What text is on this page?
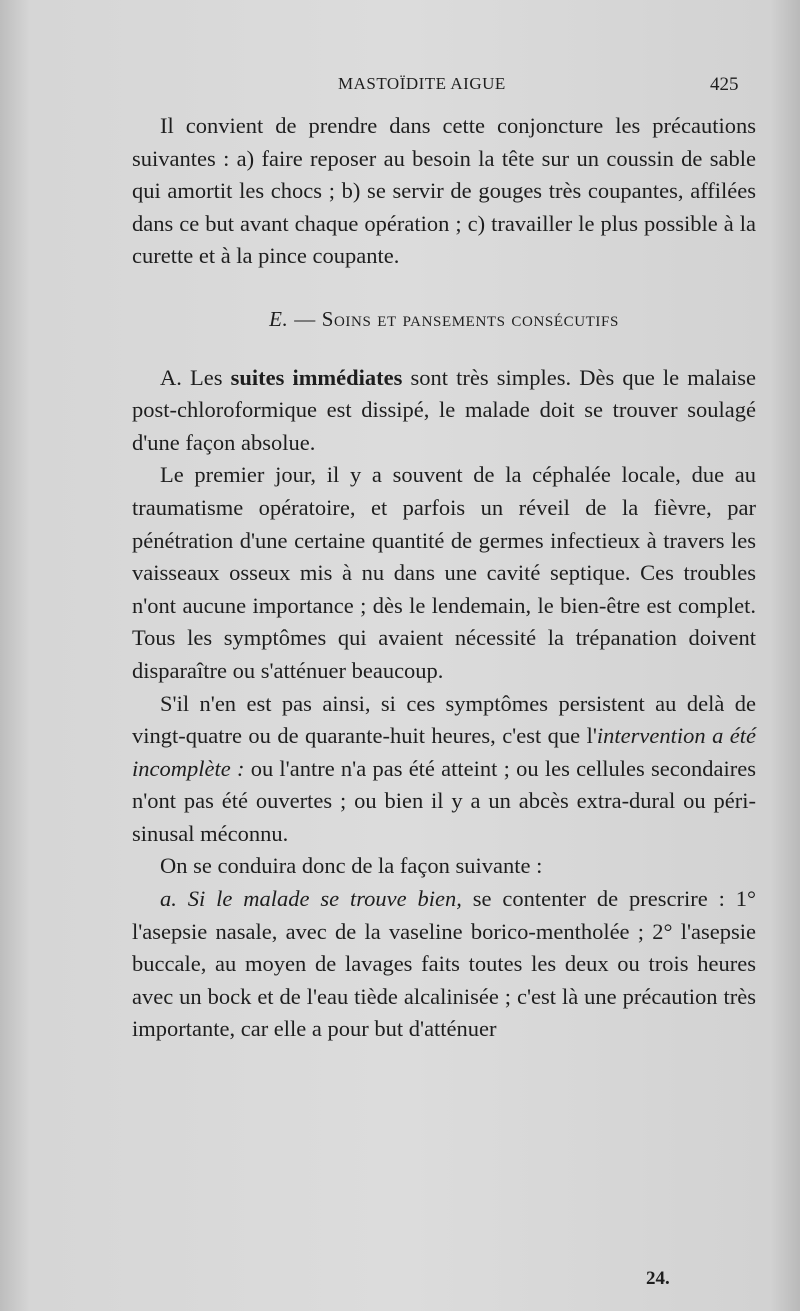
MASTOÏDITE AIGUE	425

Il convient de prendre dans cette conjoncture les précautions suivantes : a) faire reposer au besoin la tête sur un coussin de sable qui amortit les chocs ; b) se servir de gouges très coupantes, affilées dans ce but avant chaque opération ; c) travailler le plus possible à la curette et à la pince coupante.

E. — Soins et pansements consécutifs

A. Les suites immédiates sont très simples. Dès que le malaise post-chloroformique est dissipé, le malade doit se trouver soulagé d'une façon absolue.

Le premier jour, il y a souvent de la céphalée locale, due au traumatisme opératoire, et parfois un réveil de la fièvre, par pénétration d'une certaine quantité de germes infectieux à travers les vaisseaux osseux mis à nu dans une cavité septique. Ces troubles n'ont aucune importance ; dès le lendemain, le bien-être est complet. Tous les symptômes qui avaient nécessité la trépanation doivent disparaître ou s'atténuer beaucoup.

S'il n'en est pas ainsi, si ces symptômes persistent au delà de vingt-quatre ou de quarante-huit heures, c'est que l'intervention a été incomplète : ou l'antre n'a pas été atteint ; ou les cellules secondaires n'ont pas été ouvertes ; ou bien il y a un abcès extra-dural ou péri-sinusal méconnu.

On se conduira donc de la façon suivante :

a. Si le malade se trouve bien, se contenter de prescrire : 1° l'asepsie nasale, avec de la vaseline borico-mentholée ; 2° l'asepsie buccale, au moyen de lavages faits toutes les deux ou trois heures avec un bock et de l'eau tiède alcalinisée ; c'est là une précaution très importante, car elle a pour but d'atténuer

24.
